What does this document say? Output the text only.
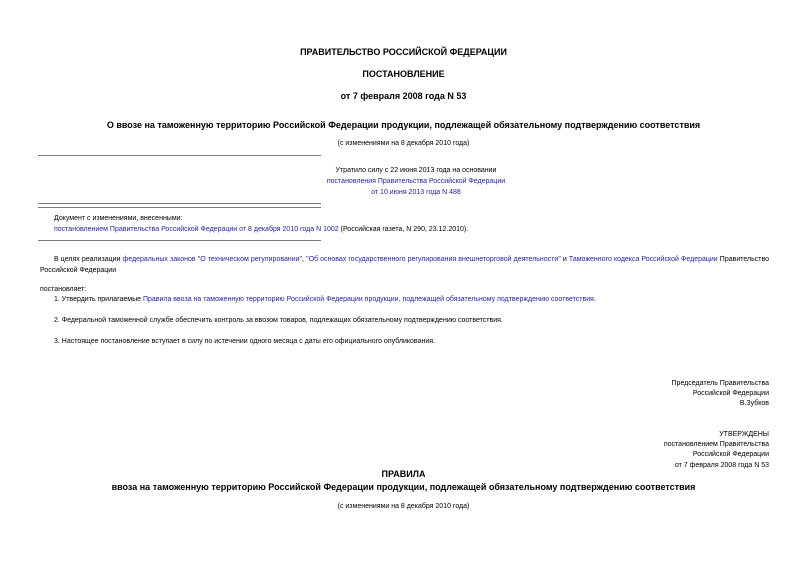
ПРАВИТЕЛЬСТВО РОССИЙСКОЙ ФЕДЕРАЦИИ
ПОСТАНОВЛЕНИЕ
от 7 февраля 2008 года N 53
О ввозе на таможенную территорию Российской Федерации продукции, подлежащей обязательному подтверждению соответствия
(с изменениями на 8 декабря 2010 года)
Утратило силу с 22 июня 2013 года на основании
постановления Правительства Российской Федерации
от 10 июня 2013 года N 488
Документ с изменениями, внесенными:
постановлением Правительства Российской Федерации от 8 декабря 2010 года N 1002 (Российская газета, N 290, 23.12.2010).
В целях реализации федеральных законов "О техническом регулировании", "Об основах государственного регулирования внешнеторговой деятельности" и Таможенного кодекса Российской Федерации Правительство Российской Федерации
постановляет:
1. Утвердить прилагаемые Правила ввоза на таможенную территорию Российской Федерации продукции, подлежащей обязательному подтверждению соответствия.
2. Федеральной таможенной службе обеспечить контроль за ввозом товаров, подлежащих обязательному подтверждению соответствия.
3. Настоящее постановление вступает в силу по истечении одного месяца с даты его официального опубликования.
Председатель Правительства
Российской Федерации
В.Зубков
УТВЕРЖДЕНЫ
постановлением Правительства
Российской Федерации
от 7 февраля 2008 года N 53
ПРАВИЛА
ввоза на таможенную территорию Российской Федерации продукции, подлежащей обязательному подтверждению соответствия
(с изменениями на 8 декабря 2010 года)
